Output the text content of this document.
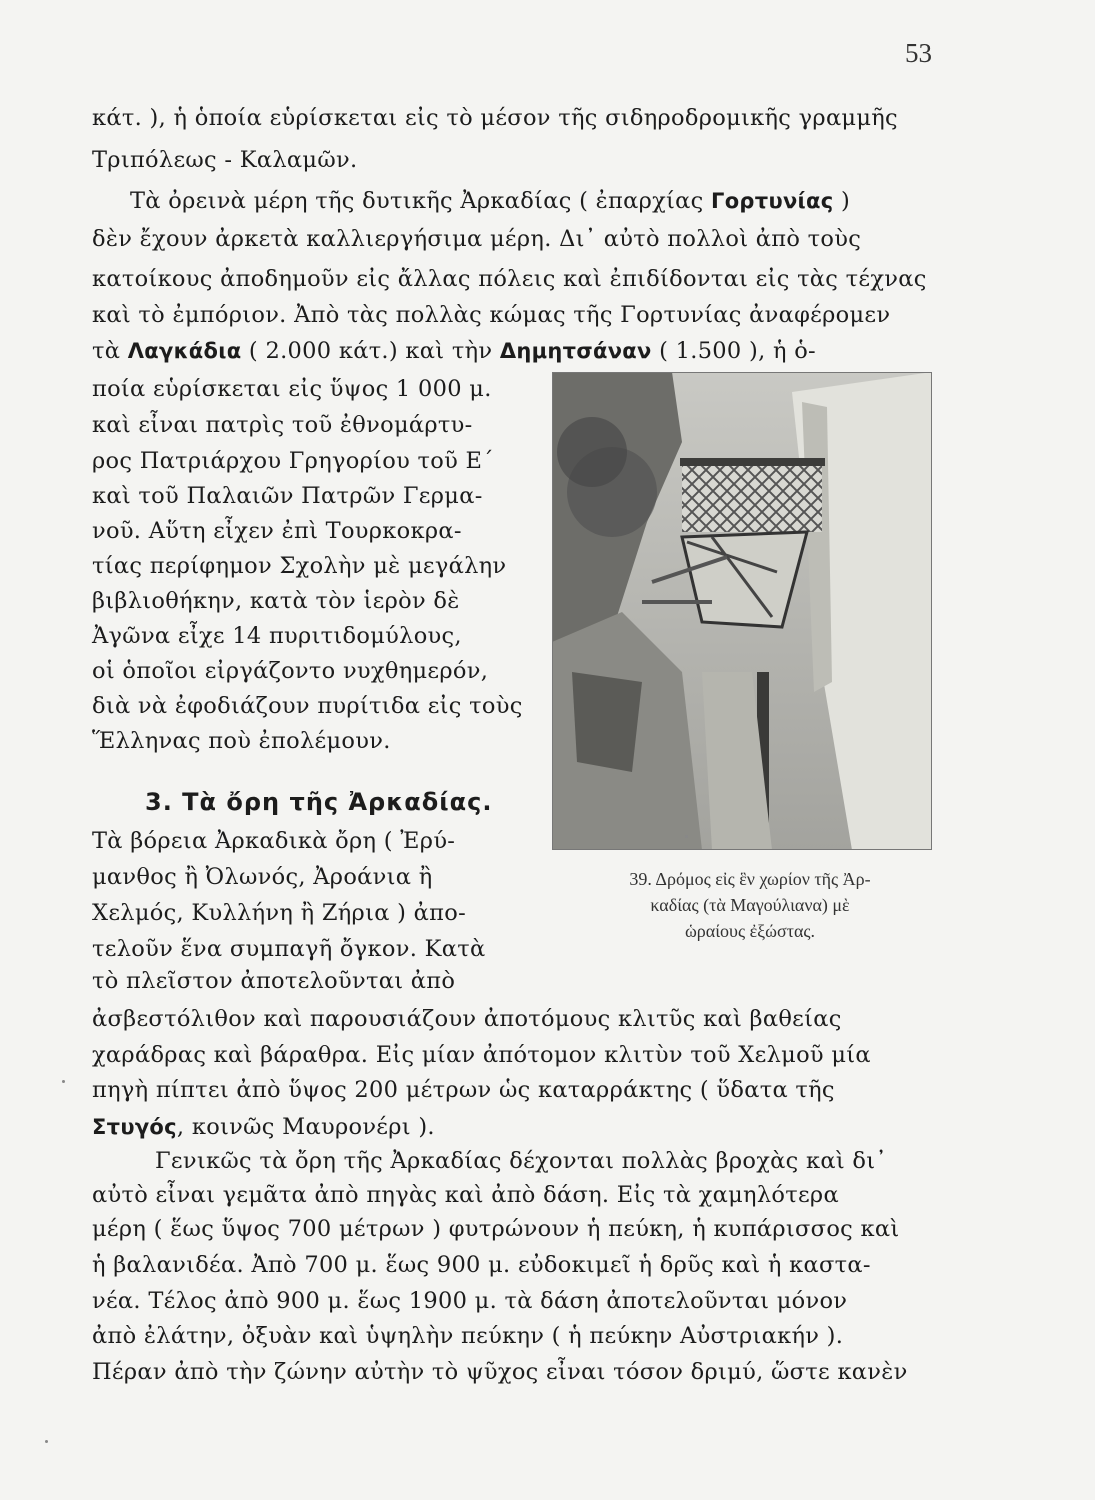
53
κάτ. ), ἡ ὁποία εὑρίσκεται εἰς τὸ μέσον τῆς σιδηροδρομικῆς γραμμῆς
Τριπόλεως - Καλαμῶν.
Τὰ ὀρεινὰ μέρη τῆς δυτικῆς Ἀρκαδίας ( ἐπαρχίας Γορτυνίας )
δὲν ἔχουν ἀρκετὰ καλλιεργήσιμα μέρη. Δι᾽ αὐτὸ πολλοὶ ἀπὸ τοὺς
κατοίκους ἀποδημοῦν εἰς ἄλλας πόλεις καὶ ἐπιδίδονται εἰς τὰς τέχνας
καὶ τὸ ἐμπόριον. Ἀπὸ τὰς πολλὰς κώμας τῆς Γορτυνίας ἀναφέρομεν
τὰ Λαγκάδια ( 2.000 κάτ.) καὶ τὴν Δημητσάναν ( 1.500 ), ἡ ὁ-
ποία εὑρίσκεται εἰς ὕψος 1 000 μ.
καὶ εἶναι πατρὶς τοῦ ἐθνομάρτυ-
ρος Πατριάρχου Γρηγορίου τοῦ Ε΄
καὶ τοῦ Παλαιῶν Πατρῶν Γερμα-
νοῦ. Αὕτη εἶχεν ἐπὶ Τουρκοκρα-
τίας περίφημον Σχολὴν μὲ μεγάλην
βιβλιοθήκην, κατὰ τὸν ἱερὸν δὲ
Ἀγῶνα εἶχε 14 πυριτιδομύλους,
οἱ ὁποῖοι εἰργάζοντο νυχθημερόν,
διὰ νὰ ἐφοδιάζουν πυρίτιδα εἰς τοὺς
Ἕλληνας ποὺ ἐπολέμουν.
3. Τὰ ὄρη τῆς Ἀρκαδίας.
Τὰ βόρεια Ἀρκαδικὰ ὄρη ( Ἐρύ-
μανθος ἢ Ὀλωνός, Ἀροάνια ἢ
Χελμός, Κυλλήνη ἢ Ζήρια ) ἀπο-
τελοῦν ἕνα συμπαγῆ ὄγκον. Κατὰ
τὸ πλεῖστον ἀποτελοῦνται ἀπὸ
ἀσβεστόλιθον καὶ παρουσιάζουν ἀποτόμους κλιτῦς καὶ βαθείας
χαράδρας καὶ βάραθρα. Εἰς μίαν ἀπότομον κλιτὺν τοῦ Χελμοῦ μία
πηγὴ πίπτει ἀπὸ ὕψος 200 μέτρων ὡς καταρράκτης ( ὕδατα τῆς
Στυγός, κοινῶς Μαυρονέρι ).
Γενικῶς τὰ ὄρη τῆς Ἀρκαδίας δέχονται πολλὰς βροχὰς καὶ δι᾽
αὐτὸ εἶναι γεμᾶτα ἀπὸ πηγὰς καὶ ἀπὸ δάση. Εἰς τὰ χαμηλότερα
μέρη ( ἕως ὕψος 700 μέτρων ) φυτρώνουν ἡ πεύκη, ἡ κυπάρισσος καὶ
ἡ βαλανιδέα. Ἀπὸ 700 μ. ἕως 900 μ. εὐδοκιμεῖ ἡ δρῦς καὶ ἡ καστα-
νέα. Τέλος ἀπὸ 900 μ. ἕως 1900 μ. τὰ δάση ἀποτελοῦνται μόνον
ἀπὸ ἐλάτην, ὀξυὰν καὶ ὑψηλὴν πεύκην ( ἡ πεύκην Αὐστριακήν ).
Πέραν ἀπὸ τὴν ζώνην αὐτὴν τὸ ψῦχος εἶναι τόσον δριμύ, ὥστε κανὲν
39. Δρόμος εἰς ἓν χωρίον τῆς Ἀρ-
καδίας (τὰ Μαγούλιανα) μὲ
ὡραίους ἐξώστας.
